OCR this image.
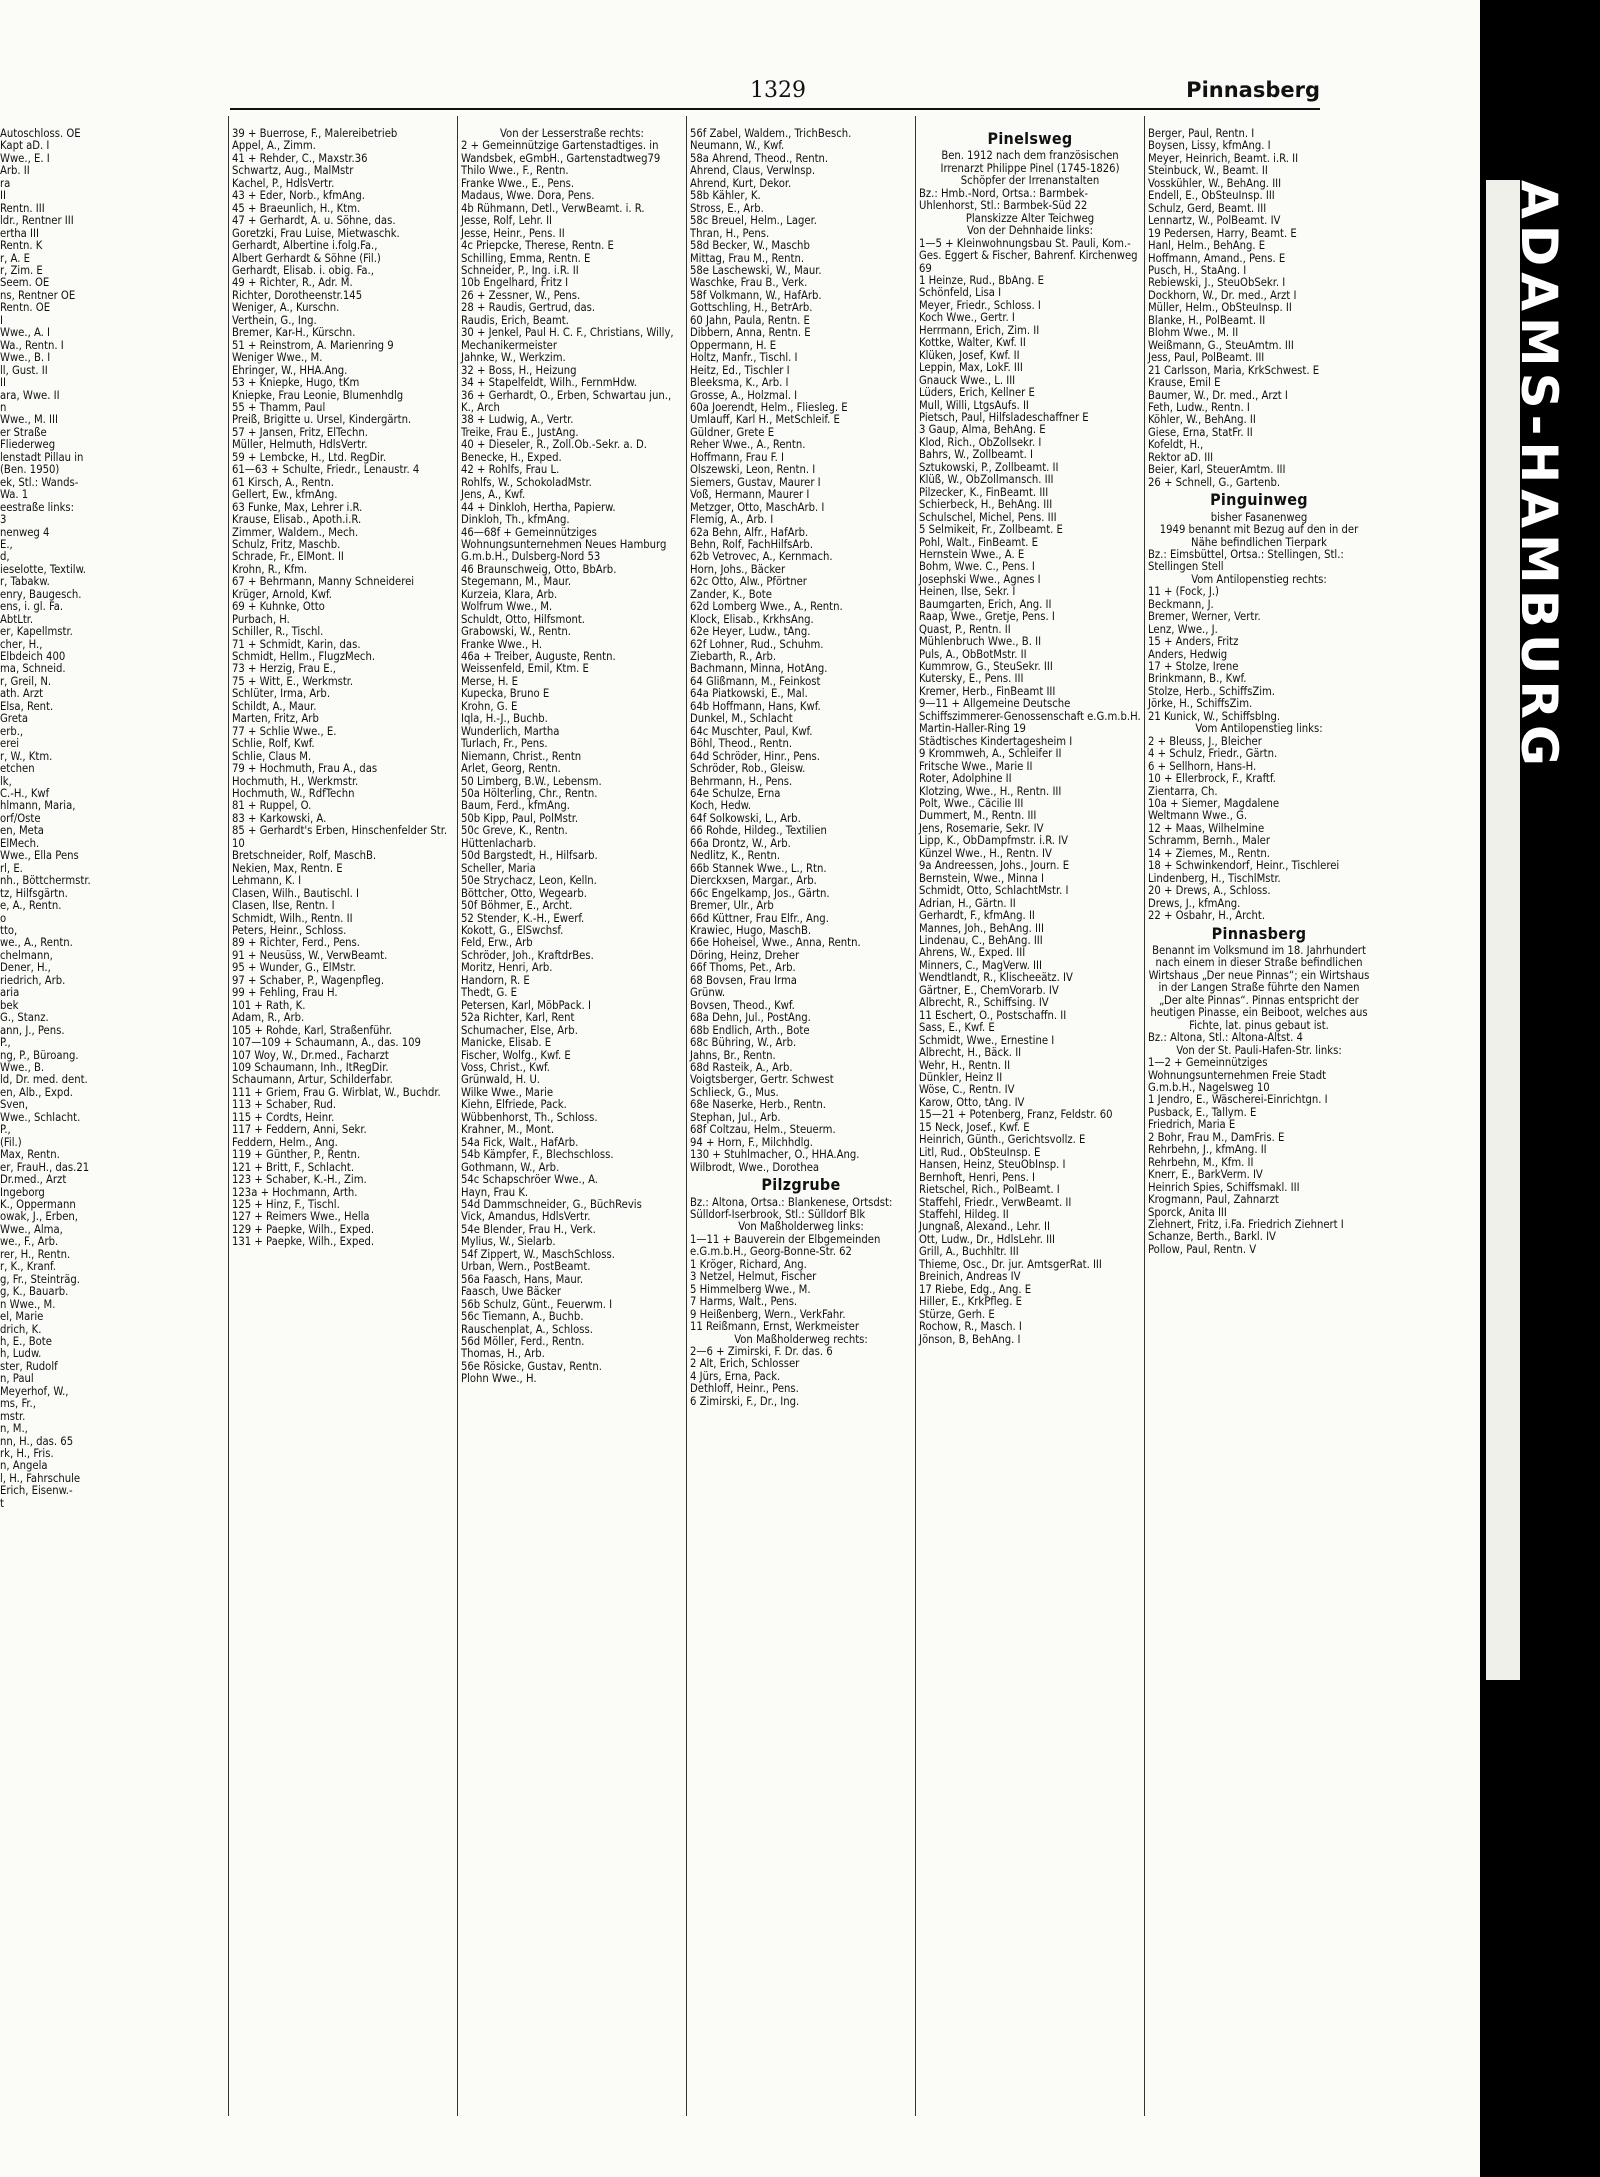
1329	Pinnasberg
Autoschloss. OE
Kapt aD. I
Wwe., E. I
Arb. II
ra
II
Rentn. III
ldr., Rentner III
ertha III
Rentn. K
r, A. E
r, Zim. E
Seem. OE
ns, Rentner OE
Rentn. OE
I
Wwe., A. I
Wa., Rentn. I
Wwe., B. I
ll, Gust. II
II
ara, Wwe. II
n
Wwe., M. III
er Straße
Fliederweg
lenstadt Pillau in
(Ben. 1950)
ek, Stl.: Wands-
Wa. 1
eestraße links:
3
nenweg 4
E.,
d,
ieselotte, Textilw.
r, Tabakw.
enry, Baugesch.
ens, i. gl. Fa.
AbtLtr.
er, Kapellmstr.
cher, H.,
Elbdeich 400
ma, Schneid.
r, Greil, N.
ath. Arzt
Elsa, Rent.
Greta
erb.,
erei
r, W., Ktm.
etchen
lk,
C.-H., Kwf
hlmann, Maria,
orf/Oste
en, Meta
ElMech.
Wwe., Ella Pens
rl, E.
nh., Böttchermstr.
tz, Hilfsgärtn.
e, A., Rentn.
o
tto,
we., A., Rentn.
chelmann,
Dener, H.,
riedrich, Arb.
aria
bek
G., Stanz.
ann, J., Pens.
P.,
ng, P., Büroang.
Wwe., B.
ld, Dr. med. dent.
en, Alb., Expd.
Sven,
Wwe., Schlacht.
P.,
(Fil.)
Max, Rentn.
er, FrauH., das.21
Dr.med., Arzt
Ingeborg
K., Oppermann
owak, J., Erben,
Wwe., Alma,
we., F., Arb.
rer, H., Rentn.
r, K., Kranf.
g, Fr., Steinträg.
g, K., Bauarb.
n Wwe., M.
el, Marie
drich, K.
h, E., Bote
h, Ludw.
ster, Rudolf
n, Paul
Meyerhof, W.,
ms, Fr.,
mstr.
n, M.,
nn, H., das. 65
rk, H., Fris.
n, Angela
l, H., Fahrschule
Erich, Eisenw.-
t
39 + Buerrose, F., Malereibetrieb
Appel, A., Zimm.
41 + Rehder, C., Maxstr.36
Schwartz, Aug., MalMstr
Kachel, P., HdlsVertr.
43 + Eder, Norb., kfmAng.
45 + Braeunlich, H., Ktm.
47 + Gerhardt, A. u. Söhne, das.
Goretzki, Frau Luise, Mietwaschk.
Gerhardt, Albertine i.folg.Fa.,
Albert Gerhardt & Söhne (Fil.)
Gerhardt, Elisab. i. obig. Fa.,
49 + Richter, R., Adr. M.
Richter, Dorotheenstr.145
Weniger, A., Kurschn.
Verthein, G., Ing.
Bremer, Kar-H., Kürschn.
51 + Reinstrom, A. Marienring 9
Weniger Wwe., M.
Ehringer, W., HHA.Ang.
53 + Kniepke, Hugo, tKm
Kniepke, Frau Leonie, Blumenhdlg
55 + Thamm, Paul
Preiß, Brigitte u. Ursel, Kindergärtn.
57 + Jansen, Fritz, ElTechn.
Müller, Helmuth, HdlsVertr.
59 + Lembcke, H., Ltd. RegDir.
61—63 + Schulte, Friedr., Lenaustr. 4
61 Kirsch, A., Rentn.
Gellert, Ew., kfmAng.
63 Funke, Max, Lehrer i.R.
Krause, Elisab., Apoth.i.R.
Zimmer, Waldem., Mech.
Schulz, Fritz, Maschb.
Schrade, Fr., ElMont. II
Krohn, R., Kfm.
67 + Behrmann, Manny Schneiderei
Krüger, Arnold, Kwf.
69 + Kuhnke, Otto
Purbach, H.
Schiller, R., Tischl.
71 + Schmidt, Karin, das.
Schmidt, Hellm., FlugzMech.
73 + Herzig, Frau E.,
75 + Witt, E., Werkmstr.
Schlüter, Irma, Arb.
Schildt, A., Maur.
Marten, Fritz, Arb
77 + Schlie Wwe., E.
Schlie, Rolf, Kwf.
Schlie, Claus M.
79 + Hochmuth, Frau A., das
Hochmuth, H., Werkmstr.
Hochmuth, W., RdfTechn
81 + Ruppel, O.
83 + Karkowski, A.
85 + Gerhardt's Erben, Hinschenfelder Str. 10
Bretschneider, Rolf, MaschB.
Nekien, Max, Rentn. E
Lehmann, K. I
Clasen, Wilh., Bautischl. I
Clasen, Ilse, Rentn. I
Schmidt, Wilh., Rentn. II
Peters, Heinr., Schloss.
89 + Richter, Ferd., Pens.
91 + Neusüss, W., VerwBeamt.
95 + Wunder, G., ElMstr.
97 + Schaber, P., Wagenpfleg.
99 + Fehling, Frau H.
101 + Rath, K.
Adam, R., Arb.
105 + Rohde, Karl, Straßenführ.
107—109 + Schaumann, A., das. 109
107 Woy, W., Dr.med., Facharzt
109 Schaumann, Inh., ItRegDir.
Schaumann, Artur, Schilderfabr.
111 + Griem, Frau G. Wirblat, W., Buchdr.
113 + Schaber, Rud.
115 + Cordts, Heinr.
117 + Feddern, Anni, Sekr.
Feddern, Helm., Ang.
119 + Günther, P., Rentn.
121 + Britt, F., Schlacht.
123 + Schaber, K.-H., Zim.
123a + Hochmann, Arth.
125 + Hinz, F., Tischl.
127 + Reimers Wwe., Hella
129 + Paepke, Wilh., Exped.
131 + Paepke, Wilh., Exped.
Von der Lesserstraße rechts:
2 + Gemeinnützige Gartenstadtiges. in Wandsbek, eGmbH., Gartenstadtweg79
Thilo Wwe., F., Rentn.
Franke Wwe., E., Pens.
Madaus, Wwe. Dora, Pens.
4b Rühmann, Detl., VerwBeamt. i. R.
Jesse, Rolf, Lehr. II
Jesse, Heinr., Pens. II
4c Priepcke, Therese, Rentn. E
Schilling, Emma, Rentn. E
Schneider, P., Ing. i.R. II
10b Engelhard, Fritz I
26 + Zessner, W., Pens.
28 + Raudis, Gertrud, das.
Raudis, Erich, Beamt.
30 + Jenkel, Paul H. C. F., Christians, Willy, Mechanikermeister
Jahnke, W., Werkzim.
32 + Boss, H., Heizung
34 + Stapelfeldt, Wilh., FernmHdw.
36 + Gerhardt, O., Erben, Schwartau jun., K., Arch
38 + Ludwig, A., Vertr.
Treike, Frau E., JustAng.
40 + Dieseler, R., Zoll.Ob.-Sekr. a. D.
Benecke, H., Exped.
42 + Rohlfs, Frau L.
Rohlfs, W., SchokoladMstr.
Jens, A., Kwf.
44 + Dinkloh, Hertha, Papierw.
Dinkloh, Th., kfmAng.
46—68f + Gemeinnütziges Wohnungsunternehmen Neues Hamburg G.m.b.H., Dulsberg-Nord 53
46 Braunschweig, Otto, BbArb.
Stegemann, M., Maur.
Kurzeia, Klara, Arb.
Wolfrum Wwe., M.
Schuldt, Otto, Hilfsmont.
Grabowski, W., Rentn.
Franke Wwe., H.
46a + Treiber, Auguste, Rentn.
Weissenfeld, Emil, Ktm. E
Merse, H. E
Kupecka, Bruno E
Krohn, G. E
Iqla, H.-J., Buchb.
Wunderlich, Martha
Turlach, Fr., Pens.
Niemann, Christ., Rentn
Arlet, Georg, Rentn.
50 Limberg, B.W., Lebensm.
50a Hölterling, Chr., Rentn.
Baum, Ferd., kfmAng.
50b Kipp, Paul, PolMstr.
50c Greve, K., Rentn.
Hüttenlacharb.
50d Bargstedt, H., Hilfsarb.
Scheller, Maria
50e Strychacz, Leon, Kelln.
Böttcher, Otto, Wegearb.
50f Böhmer, E., Archt.
52 Stender, K.-H., Ewerf.
Kokott, G., ElSwchsf.
Feld, Erw., Arb
Schröder, Joh., KraftdrBes.
Moritz, Henri, Arb.
Handorn, R. E
Thedt, G. E
Petersen, Karl, MöbPack. I
52a Richter, Karl, Rent
Schumacher, Else, Arb.
Manicke, Elisab. E
Fischer, Wolfg., Kwf. E
Voss, Christ., Kwf.
Grünwald, H. U.
Wilke Wwe., Marie
Kiehn, Elfriede, Pack.
Wübbenhorst, Th., Schloss.
Krahner, M., Mont.
54a Fick, Walt., HafArb.
54b Kämpfer, F., Blechschloss.
Gothmann, W., Arb.
54c Schapschröer Wwe., A.
Hayn, Frau K.
54d Dammschneider, G., BüchRevis
Vick, Amandus, HdlsVertr.
54e Blender, Frau H., Verk.
Mylius, W., Sielarb.
54f Zippert, W., MaschSchloss.
Urban, Wern., PostBeamt.
56a Faasch, Hans, Maur.
Faasch, Uwe Bäcker
56b Schulz, Günt., Feuerwm. I
56c Tiemann, A., Buchb.
Rauschenplat, A., Schloss.
56d Möller, Ferd., Rentn.
Thomas, H., Arb.
56e Rösicke, Gustav, Rentn.
Plohn Wwe., H.
56f Zabel, Waldem., TrichBesch.
Neumann, W., Kwf.
58a Ahrend, Theod., Rentn.
Ahrend, Claus, Verwlnsp.
Ahrend, Kurt, Dekor.
58b Kähler, K.
Stross, E., Arb.
58c Breuel, Helm., Lager.
Thran, H., Pens.
58d Becker, W., Maschb
Mittag, Frau M., Rentn.
58e Laschewski, W., Maur.
Waschke, Frau B., Verk.
58f Volkmann, W., HafArb.
Gottschling, H., BetrArb.
60 Jahn, Paula, Rentn. E
Dibbern, Anna, Rentn. E
Oppermann, H. E
Holtz, Manfr., Tischl. I
Heitz, Ed., Tischler I
Bleeksma, K., Arb. I
Grosse, A., Holzmal. I
60a Joerendt, Helm., Fliesleg. E
Umlauff, Karl H., MetSchleif. E
Güldner, Grete E
Reher Wwe., A., Rentn.
Hoffmann, Frau F. I
Olszewski, Leon, Rentn. I
Siemers, Gustav, Maurer I
Voß, Hermann, Maurer I
Metzger, Otto, MaschArb. I
Flemig, A., Arb. I
62a Behn, Alfr., HafArb.
Behn, Rolf, FachHilfsArb.
62b Vetrovec, A., Kernmach.
Horn, Johs., Bäcker
62c Otto, Alw., Pförtner
Zander, K., Bote
62d Lomberg Wwe., A., Rentn.
Klock, Elisab., KrkhsAng.
62e Heyer, Ludw., tAng.
62f Lohner, Rud., Schuhm.
Ziebarth, R., Arb.
Bachmann, Minna, HotAng.
64 Glißmann, M., Feinkost
64a Piatkowski, E., Mal.
64b Hoffmann, Hans, Kwf.
Dunkel, M., Schlacht
64c Muschter, Paul, Kwf.
Böhl, Theod., Rentn.
64d Schröder, Hinr., Pens.
Schröder, Rob., Gleisw.
Behrmann, H., Pens.
64e Schulze, Erna
Koch, Hedw.
64f Solkowski, L., Arb.
66 Rohde, Hildeg., Textilien
66a Drontz, W., Arb.
Nedlitz, K., Rentn.
66b Stannek Wwe., L., Rtn.
Dierckxsen, Margar., Arb.
66c Engelkamp, Jos., Gärtn.
Bremer, Ulr., Arb
66d Küttner, Frau Elfr., Ang.
Krawiec, Hugo, MaschB.
66e Hoheisel, Wwe., Anna, Rentn.
Döring, Heinz, Dreher
66f Thoms, Pet., Arb.
68 Bovsen, Frau Irma
Grünw.
Bovsen, Theod., Kwf.
68a Dehn, Jul., PostAng.
68b Endlich, Arth., Bote
68c Bühring, W., Arb.
Jahns, Br., Rentn.
68d Rasteik, A., Arb.
Voigtsberger, Gertr. Schwest
Schlieck, G., Mus.
68e Naserke, Herb., Rentn.
Stephan, Jul., Arb.
68f Coltzau, Helm., Steuerm.
94 + Horn, F., Milchhdlg.
130 + Stuhlmacher, O., HHA.Ang.
Wilbrodt, Wwe., Dorothea
Pilzgrube
Bz.: Altona, Ortsa.: Blankenese, Ortsdst: Sülldorf-Iserbrook, Stl.: Sülldorf Blk
Von Maßholderweg links:
1—11 + Bauverein der Elbgemeinden e.G.m.b.H., Georg-Bonne-Str. 62
1 Kröger, Richard, Ang.
3 Netzel, Helmut, Fischer
5 Himmelberg Wwe., M.
7 Harms, Walt., Pens.
9 Heißenberg, Wern., VerkFahr.
11 Reißmann, Ernst, Werkmeister
Von Maßholderweg rechts:
2—6 + Zimirski, F. Dr. das. 6
2 Alt, Erich, Schlosser
4 Jürs, Erna, Pack.
Dethloff, Heinr., Pens.
6 Zimirski, F., Dr., Ing.
Pinelsweg
Ben. 1912 nach dem französischen Irrenarzt Philippe Pinel (1745-1826) Schöpfer der Irrenanstalten
Bz.: Hmb.-Nord, Ortsa.: Barmbek-Uhlenhorst, Stl.: Barmbek-Süd 22
Planskizze Alter Teichweg
Von der Dehnhaide links:
1—5 + Kleinwohnungsbau St. Pauli, Kom.-Ges. Eggert & Fischer, Bahrenf. Kirchenweg 69
1 Heinze, Rud., BbAng. E
Schönfeld, Lisa I
Meyer, Friedr., Schloss. I
Koch Wwe., Gertr. I
Herrmann, Erich, Zim. II
Kottke, Walter, Kwf. II
Klüken, Josef, Kwf. II
Leppin, Max, LokF. III
Gnauck Wwe., L. III
Lüders, Erich, Kellner E
Mull, Willi, LtgsAufs. II
Pietsch, Paul, Hilfsladeschaffner E
3 Gaup, Alma, BehAng. E
Klod, Rich., ObZollsekr. I
Bahrs, W., Zollbeamt. I
Sztukowski, P., Zollbeamt. II
Klüß, W., ObZollmansch. III
Pilzecker, K., FinBeamt. III
Schierbeck, H., BehAng. III
Schulschel, Michel, Pens. III
5 Selmikeit, Fr., Zollbeamt. E
Pohl, Walt., FinBeamt. E
Hernstein Wwe., A. E
Bohm, Wwe. C., Pens. I
Josephski Wwe., Agnes I
Heinen, Ilse, Sekr. I
Baumgarten, Erich, Ang. II
Raap, Wwe., Gretje, Pens. I
Quast, P., Rentn. II
Mühlenbruch Wwe., B. II
Puls, A., ObBotMstr. II
Kummrow, G., SteuSekr. III
Kutersky, E., Pens. III
Kremer, Herb., FinBeamt III
9—11 + Allgemeine Deutsche Schiffszimmerer-Genossenschaft e.G.m.b.H. Martin-Haller-Ring 19
Städtisches Kindertagesheim I
9 Krommweh, A., Schleifer II
Fritsche Wwe., Marie II
Roter, Adolphine II
Klotzing, Wwe., H., Rentn. III
Polt, Wwe., Cäcilie III
Dummert, M., Rentn. III
Jens, Rosemarie, Sekr. IV
Lipp, K., ObDampfmstr. i.R. IV
Künzel Wwe., H., Rentn. IV
9a Andreessen, Johs., Journ. E
Bernstein, Wwe., Minna I
Schmidt, Otto, SchlachtMstr. I
Adrian, H., Gärtn. II
Gerhardt, F., kfmAng. II
Mannes, Joh., BehAng. III
Lindenau, C., BehAng. III
Ahrens, W., Exped. III
Minners, C., MagVerw. III
Wendtlandt, R., Klischeeätz. IV
Gärtner, E., ChemVorarb. IV
Albrecht, R., Schiffsing. IV
11 Eschert, O., Postschaffn. II
Sass, E., Kwf. E
Schmidt, Wwe., Ernestine I
Albrecht, H., Bäck. II
Wehr, H., Rentn. II
Dünkler, Heinz II
Wöse, C., Rentn. IV
Karow, Otto, tAng. IV
15—21 + Potenberg, Franz, Feldstr. 60
15 Neck, Josef., Kwf. E
Heinrich, Günth., Gerichtsvollz. E
Litl, Rud., ObSteuInsp. E
Hansen, Heinz, SteuObInsp. I
Bernhoft, Henri, Pens. I
Rietschel, Rich., PolBeamt. I
Staffehl, Friedr., VerwBeamt. II
Staffehl, Hildeg. II
Jungnaß, Alexand., Lehr. II
Ott, Ludw., Dr., HdlsLehr. III
Grill, A., Buchhltr. III
Thieme, Osc., Dr. jur. AmtsgerRat. III
Breinich, Andreas IV
17 Riebe, Edg., Ang. E
Hiller, E., KrkPfleg. E
Stürze, Gerh. E
Rochow, R., Masch. I
Jönson, B, BehAng. I
Berger, Paul, Rentn. I
Boysen, Lissy, kfmAng. I
Meyer, Heinrich, Beamt. i.R. II
Steinbuck, W., Beamt. II
Vosskühler, W., BehAng. III
Endell, E., ObSteuInsp. III
Schulz, Gerd, Beamt. III
Lennartz, W., PolBeamt. IV
19 Pedersen, Harry, Beamt. E
Hanl, Helm., BehAng. E
Hoffmann, Amand., Pens. E
Pusch, H., StaAng. I
Rebiewski, J., SteuObSekr. I
Dockhorn, W., Dr. med., Arzt I
Müller, Helm., ObSteuInsp. II
Blanke, H., PolBeamt. II
Blohm Wwe., M. II
Weißmann, G., SteuAmtm. III
Jess, Paul, PolBeamt. III
21 Carlsson, Maria, KrkSchwest. E
Krause, Emil E
Baumer, W., Dr. med., Arzt I
Feth, Ludw., Rentn. I
Köhler, W., BehAng. II
Giese, Erna, StatFr. II
Kofeldt, H.,
Rektor aD. III
Beier, Karl, SteuerAmtm. III
26 + Schnell, G., Gartenb.
Pinguinweg
bisher Fasanenweg
1949 benannt mit Bezug auf den in der Nähe befindlichen Tierpark
Bz.: Eimsbüttel, Ortsa.: Stellingen, Stl.: Stellingen Stell
Vom Antilopenstieg rechts:
11 + (Fock, J.)
Beckmann, J.
Bremer, Werner, Vertr.
Lenz, Wwe., J.
15 + Anders, Fritz
Anders, Hedwig
17 + Stolze, Irene
Brinkmann, B., Kwf.
Stolze, Herb., SchiffsZim.
Jörke, H., SchiffsZim.
21 Kunick, W., Schiffsblng.
Vom Antilopenstieg links:
2 + Bleuss, J., Bleicher
4 + Schulz, Friedr., Gärtn.
6 + Sellhorn, Hans-H.
10 + Ellerbrock, F., Kraftf.
Zientarra, Ch.
10a + Siemer, Magdalene
Weltmann Wwe., G.
12 + Maas, Wilhelmine
Schramm, Bernh., Maler
14 + Ziemes, M., Rentn.
18 + Schwinkendorf, Heinr., Tischlerei
Lindenberg, H., TischlMstr.
20 + Drews, A., Schloss.
Drews, J., kfmAng.
22 + Osbahr, H., Archt.
Pinnasberg
Benannt im Volksmund im 18. Jahrhundert nach einem in dieser Straße befindlichen Wirtshaus „Der neue Pinnas“; ein Wirtshaus in der Langen Straße führte den Namen „Der alte Pinnas“. Pinnas entspricht der heutigen Pinasse, ein Beiboot, welches aus Fichte, lat. pinus gebaut ist.
Bz.: Altona, Stl.: Altona-Altst. 4
Von der St. Pauli-Hafen-Str. links:
1—2 + Gemeinnütziges Wohnungsunternehmen Freie Stadt G.m.b.H., Nagelsweg 10
1 Jendro, E., Wäscherei-Einrichtgn. I
Pusback, E., Tallym. E
Friedrich, Maria E
2 Bohr, Frau M., DamFris. E
Rehrbehn, J., kfmAng. II
Rehrbehn, M., Kfm. II
Knerr, E., BarkVerm. IV
Heinrich Spies, Schiffsmakl. III
Krogmann, Paul, Zahnarzt
Sporck, Anita III
Ziehnert, Fritz, i.Fa. Friedrich Ziehnert I
Schanze, Berth., Barkl. IV
Pollow, Paul, Rentn. V
ADAMS-HAMBURG
